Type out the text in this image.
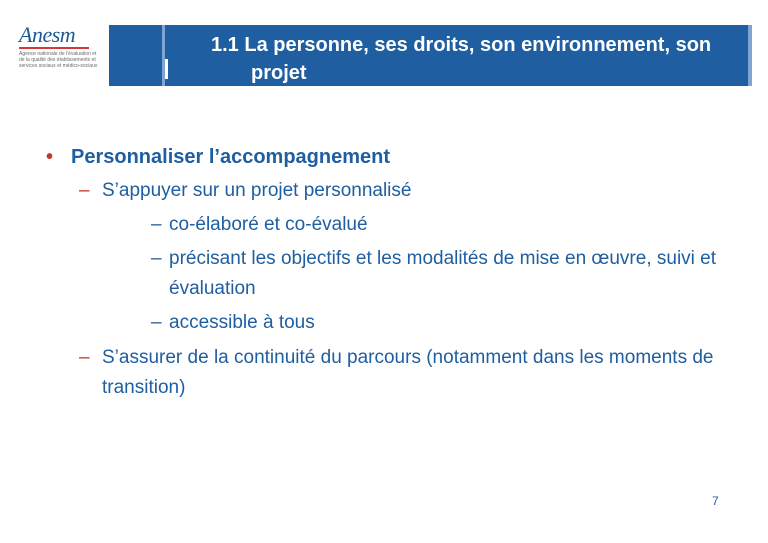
Anesm
Agence nationale de l'évaluation et de la qualité des établissements et services sociaux et médico-sociaux
1.1 La personne, ses droits, son environnement, son
projet
• Personnaliser l’accompagnement
– S’appuyer sur un projet personnalisé
– co-élaboré et co-évalué
– précisant les objectifs et les modalités de mise en œuvre, suivi et évaluation
– accessible à tous
– S’assurer de la continuité du parcours (notamment dans les moments de transition)
7
